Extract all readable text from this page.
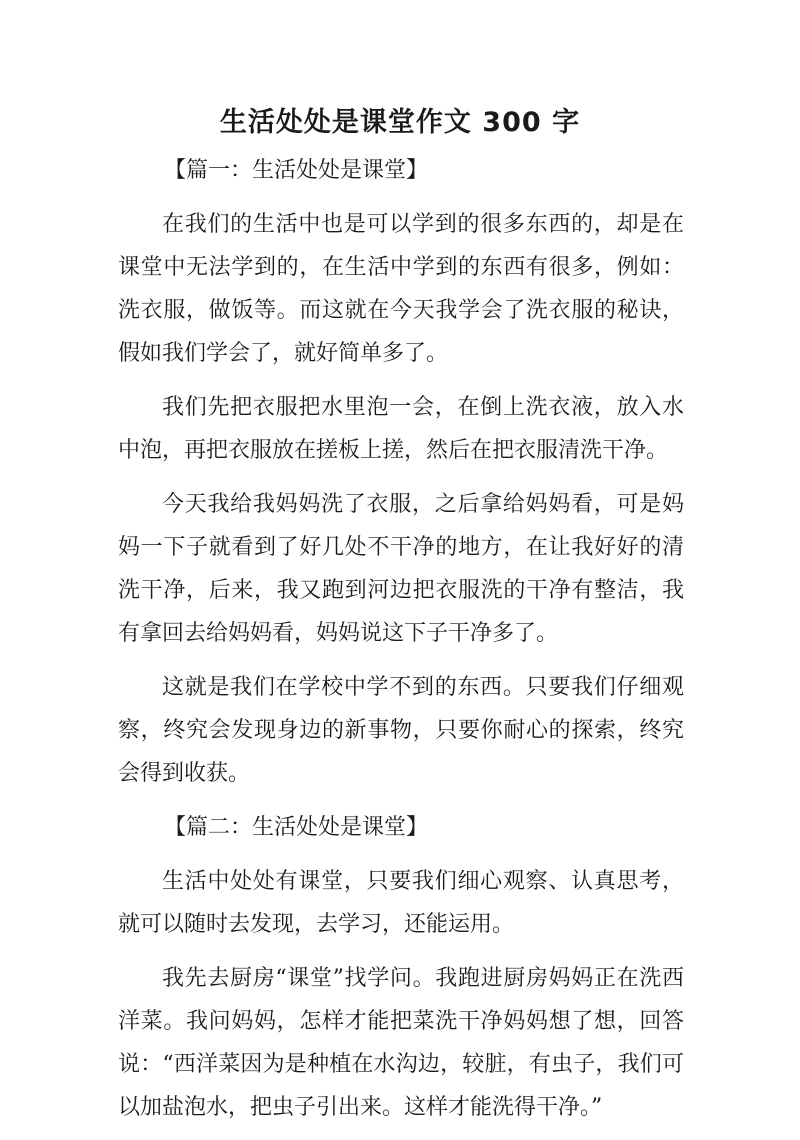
生活处处是课堂作文 300 字
【篇一：生活处处是课堂】

在我们的生活中也是可以学到的很多东西的，却是在课堂中无法学到的，在生活中学到的东西有很多，例如：洗衣服，做饭等。而这就在今天我学会了洗衣服的秘诀，假如我们学会了，就好简单多了。

我们先把衣服把水里泡一会，在倒上洗衣液，放入水中泡，再把衣服放在搓板上搓，然后在把衣服清洗干净。

今天我给我妈妈洗了衣服，之后拿给妈妈看，可是妈妈一下子就看到了好几处不干净的地方，在让我好好的清洗干净，后来，我又跑到河边把衣服洗的干净有整洁，我有拿回去给妈妈看，妈妈说这下子干净多了。

这就是我们在学校中学不到的东西。只要我们仔细观察，终究会发现身边的新事物，只要你耐心的探索，终究会得到收获。

【篇二：生活处处是课堂】

生活中处处有课堂，只要我们细心观察、认真思考，就可以随时去发现，去学习，还能运用。

我先去厨房“课堂”找学问。我跑进厨房妈妈正在洗西洋菜。我问妈妈，怎样才能把菜洗干净妈妈想了想，回答说：“西洋菜因为是种植在水沟边，较脏，有虫子，我们可以加盐泡水，把虫子引出来。这样才能洗得干净。”
